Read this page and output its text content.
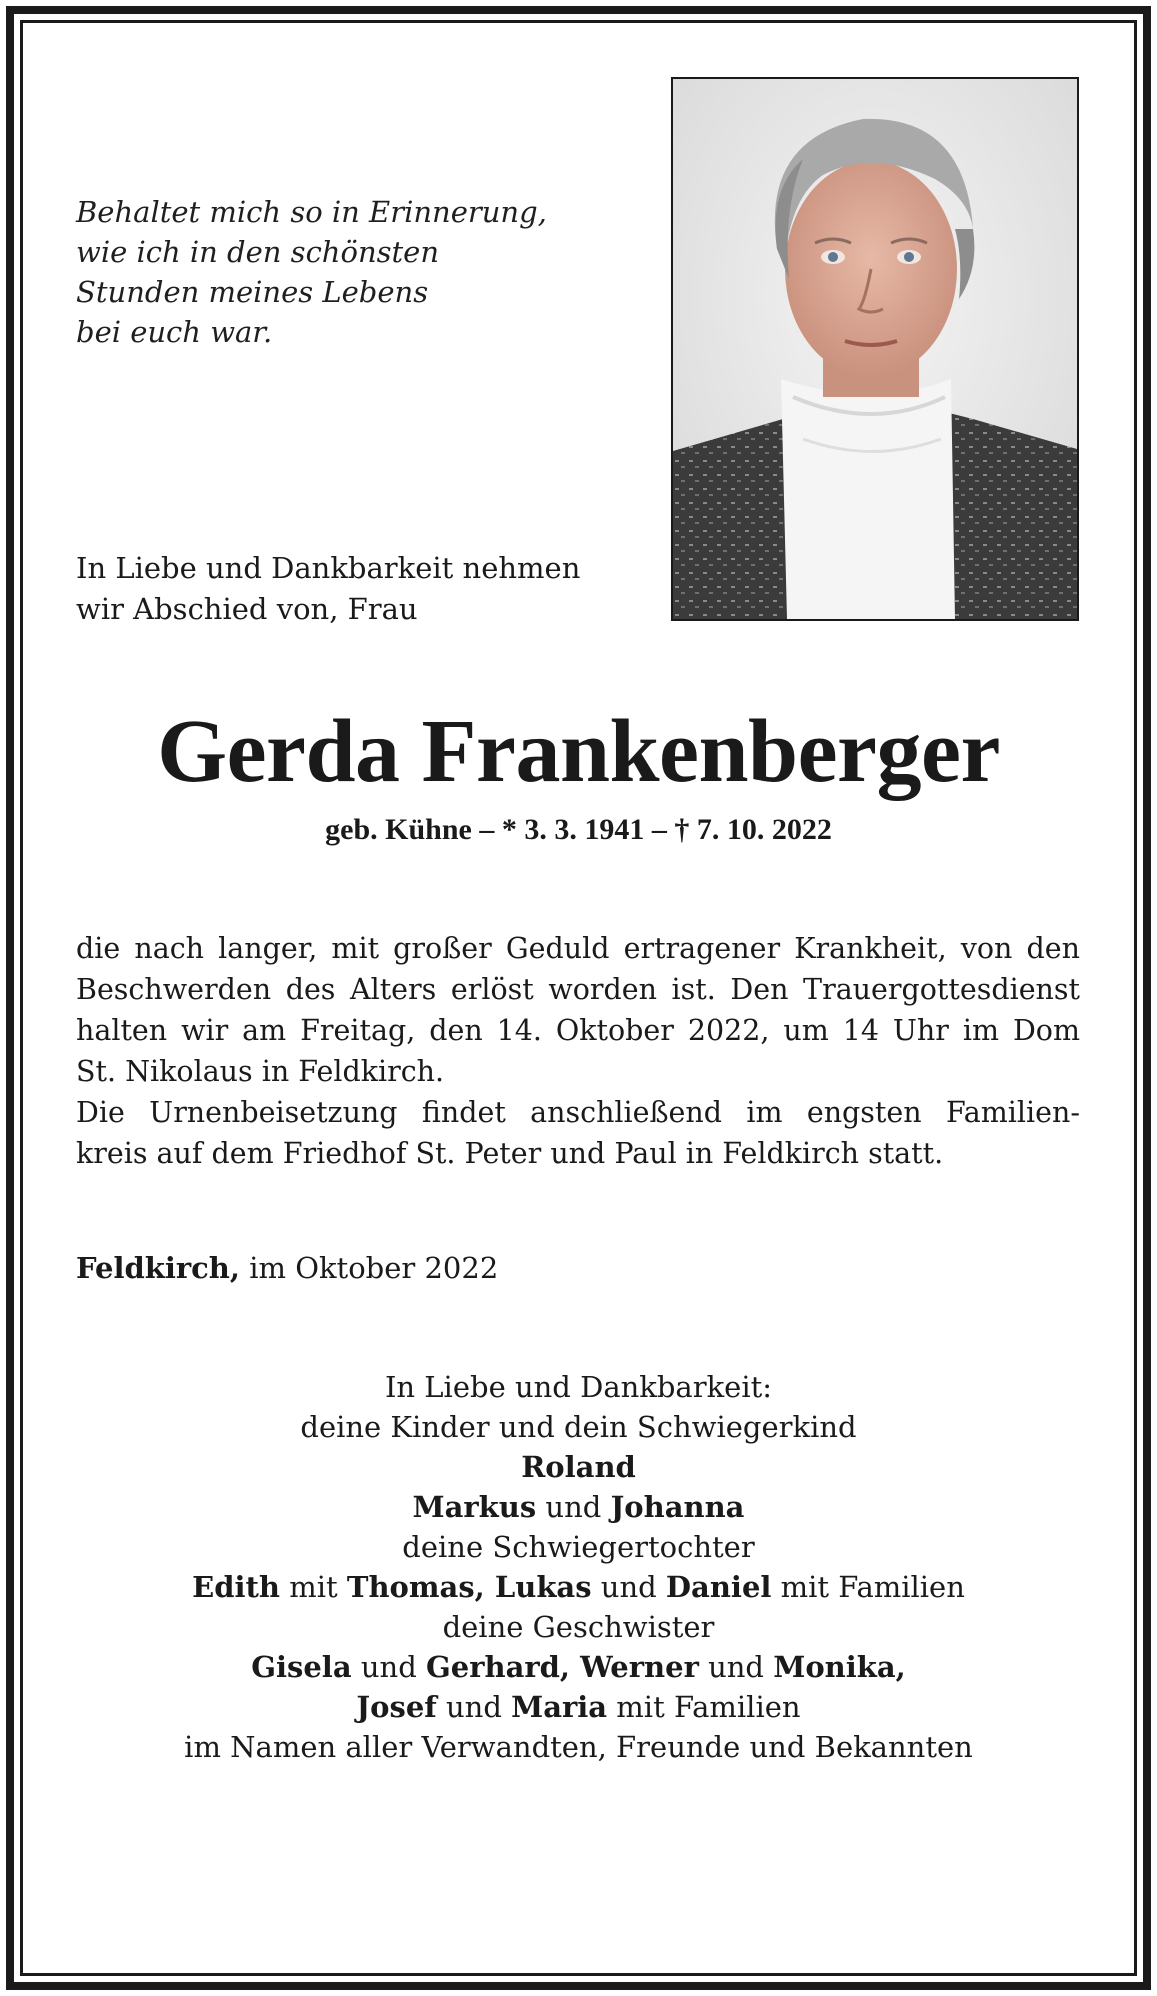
Behaltet mich so in Erinnerung,
wie ich in den schönsten
Stunden meines Lebens
bei euch war.
In Liebe und Dankbarkeit nehmen
wir Abschied von, Frau
Gerda Frankenberger
geb. Kühne – * 3. 3. 1941 – † 7. 10. 2022
die nach langer, mit großer Geduld ertragener Krankheit, von den
Beschwerden des Alters erlöst worden ist. Den Trauergottesdienst
halten wir am Freitag, den 14. Oktober 2022, um 14 Uhr im Dom
St. Nikolaus in Feldkirch.
Die Urnenbeisetzung findet anschließend im engsten Familien-
kreis auf dem Friedhof St. Peter und Paul in Feldkirch statt.
Feldkirch, im Oktober 2022
In Liebe und Dankbarkeit:
deine Kinder und dein Schwiegerkind
Roland
Markus und Johanna
deine Schwiegertochter
Edith mit Thomas, Lukas und Daniel mit Familien
deine Geschwister
Gisela und Gerhard, Werner und Monika,
Josef und Maria mit Familien
im Namen aller Verwandten, Freunde und Bekannten
